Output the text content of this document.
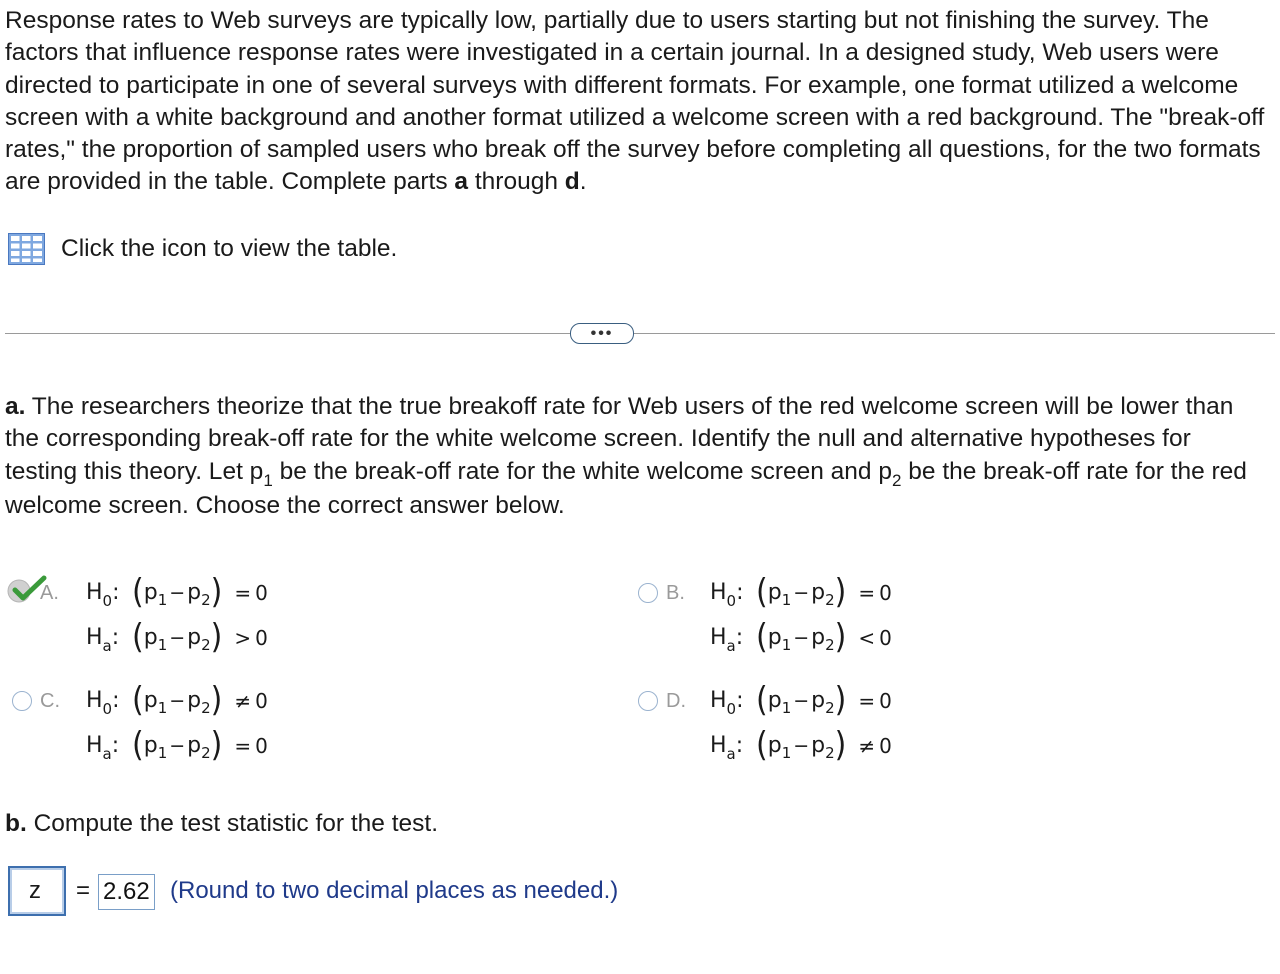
Response rates to Web surveys are typically low, partially due to users starting but not finishing the survey. The factors that influence response rates were investigated in a certain journal. In a designed study, Web users were directed to participate in one of several surveys with different formats. For example, one format utilized a welcome screen with a white background and another format utilized a welcome screen with a red background. The "break-off rates," the proportion of sampled users who break off the survey before completing all questions, for the two formats are provided in the table. Complete parts a through d.

Click the icon to view the table.
•••

a. The researchers theorize that the true breakoff rate for Web users of the red welcome screen will be lower than the corresponding break-off rate for the white welcome screen. Identify the null and alternative hypotheses for testing this theory. Let $p_1$ be the break-off rate for the white welcome screen and $p_2$ be the break-off rate for the red welcome screen. Choose the correct answer below.

A.	$H_0$: ( p 1 − p 2 ) =  0
$H_a$: ( p 1 − p 2 ) >  0
B.	$H_0$: ( p 1 − p 2 ) =  0
$H_a$: ( p 1 − p 2 ) <  0
C.	$H_0$: ( p 1 − p 2 ) ≠  0
$H_a$: ( p 1 − p 2 ) =  0
D.	$H_0$: ( p 1 − p 2 ) =  0
$H_a$: ( p 1 − p 2 ) ≠  0

b. Compute the test statistic for the test.

z	= 2.62 (Round to two decimal places as needed.)
